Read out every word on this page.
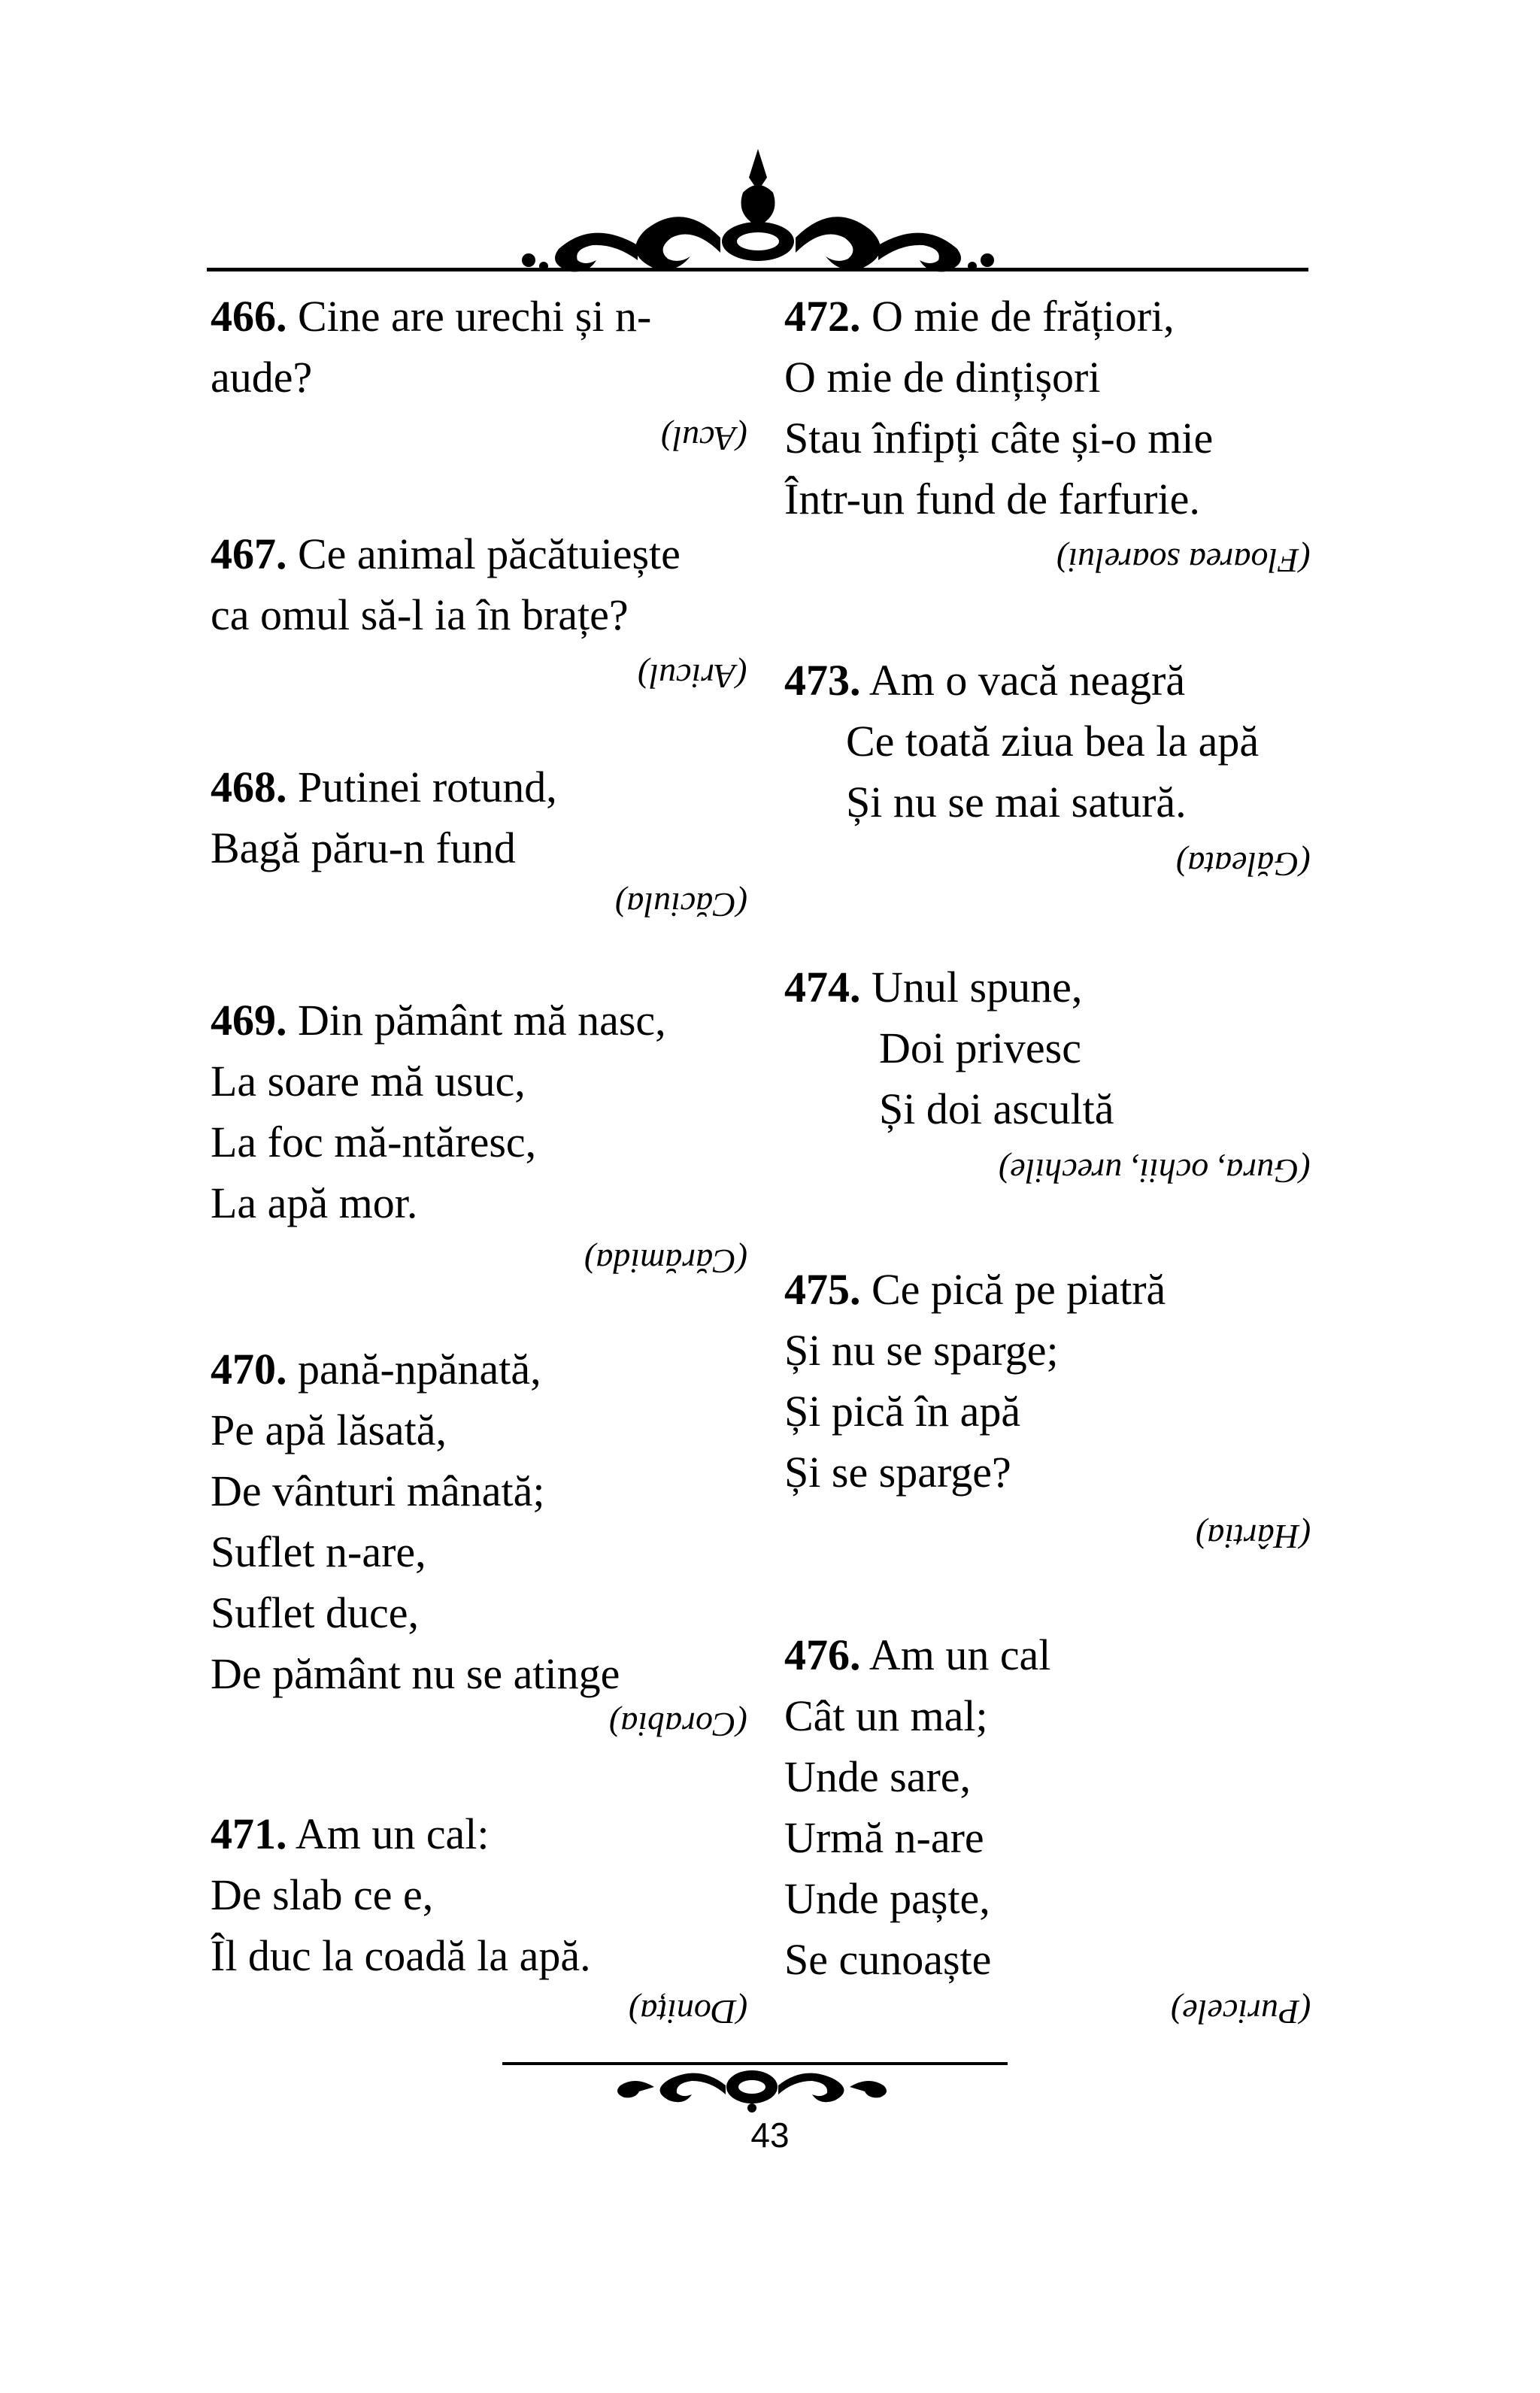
466. Cine are urechi și n-
aude?
(Acul)
467. Ce animal păcătuiește
ca omul să-l ia în brațe?
(Aricul)
468. Putinei rotund,
Bagă păru-n fund
(Căciula)
469. Din pământ mă nasc,
La soare mă usuc,
La foc mă-ntăresc,
La apă mor.
(Cărămida)
470. pană-npănată,
Pe apă lăsată,
De vânturi mânată;
Suflet n-are,
Suflet duce,
De pământ nu se atinge
(Corabia)
471. Am un cal:
De slab ce e,
Îl duc la coadă la apă.
(Donița)
472. O mie de frățiori,
O mie de dințișori
Stau înfipți câte și-o mie
Într-un fund de farfurie.
(Floarea soarelui)
473. Am o vacă neagră
Ce toată ziua bea la apă
Și nu se mai satură.
(Găleata)
474. Unul spune,
Doi privesc
Și doi ascultă
(Gura, ochii, urechile)
475. Ce pică pe piatră
Și nu se sparge;
Și pică în apă
Și se sparge?
(Hârtia)
476. Am un cal
Cât un mal;
Unde sare,
Urmă n-are
Unde paște,
Se cunoaște
(Puricele)
43
